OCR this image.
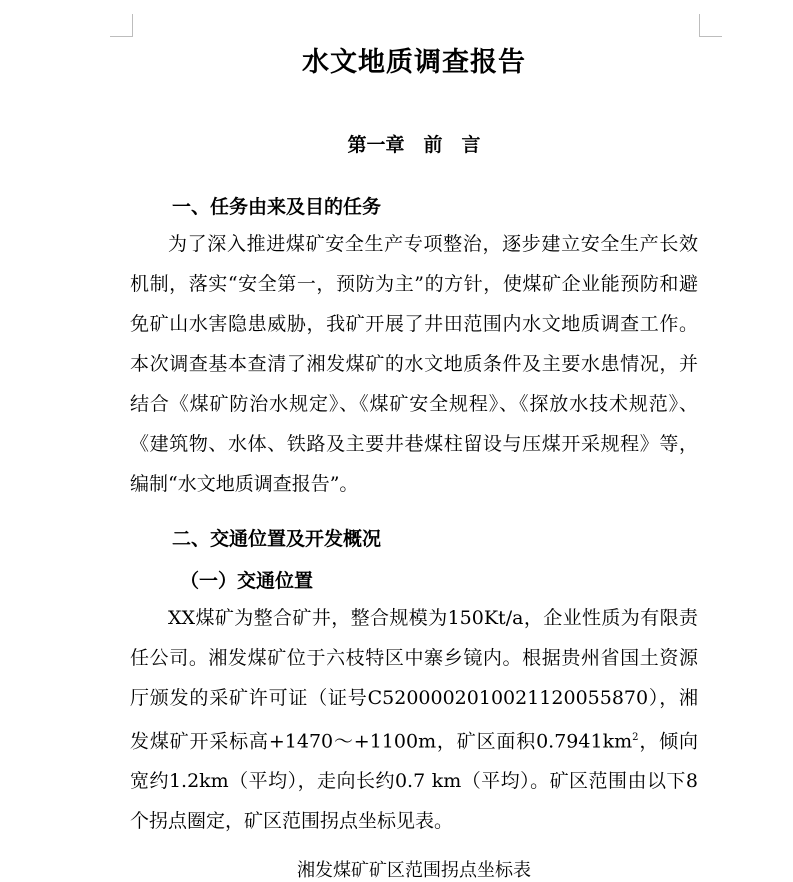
水文地质调查报告
第一章　前　言
一、任务由来及目的任务
为了深入推进煤矿安全生产专项整治，逐步建立安全生产长效机制，落实“安全第一，预防为主”的方针，使煤矿企业能预防和避免矿山水害隐患威胁，我矿开展了井田范围内水文地质调查工作。本次调查基本查清了湘发煤矿的水文地质条件及主要水患情况，并结合《煤矿防治水规定》、《煤矿安全规程》、《探放水技术规范》、《建筑物、水体、铁路及主要井巷煤柱留设与压煤开采规程》等，编制“水文地质调查报告”。
二、交通位置及开发概况
（一）交通位置
XX煤矿为整合矿井，整合规模为150Kt/a，企业性质为有限责任公司。湘发煤矿位于六枝特区中寨乡镜内。根据贵州省国土资源厅颁发的采矿许可证（证号C5200002010021120055870），湘发煤矿开采标高+1470～+1100m，矿区面积$0.7941km^2$，倾向宽约1.2km（平均），走向长约0.7 km（平均）。矿区范围由以下8个拐点圈定，矿区范围拐点坐标见表。
湘发煤矿矿区范围拐点坐标表
